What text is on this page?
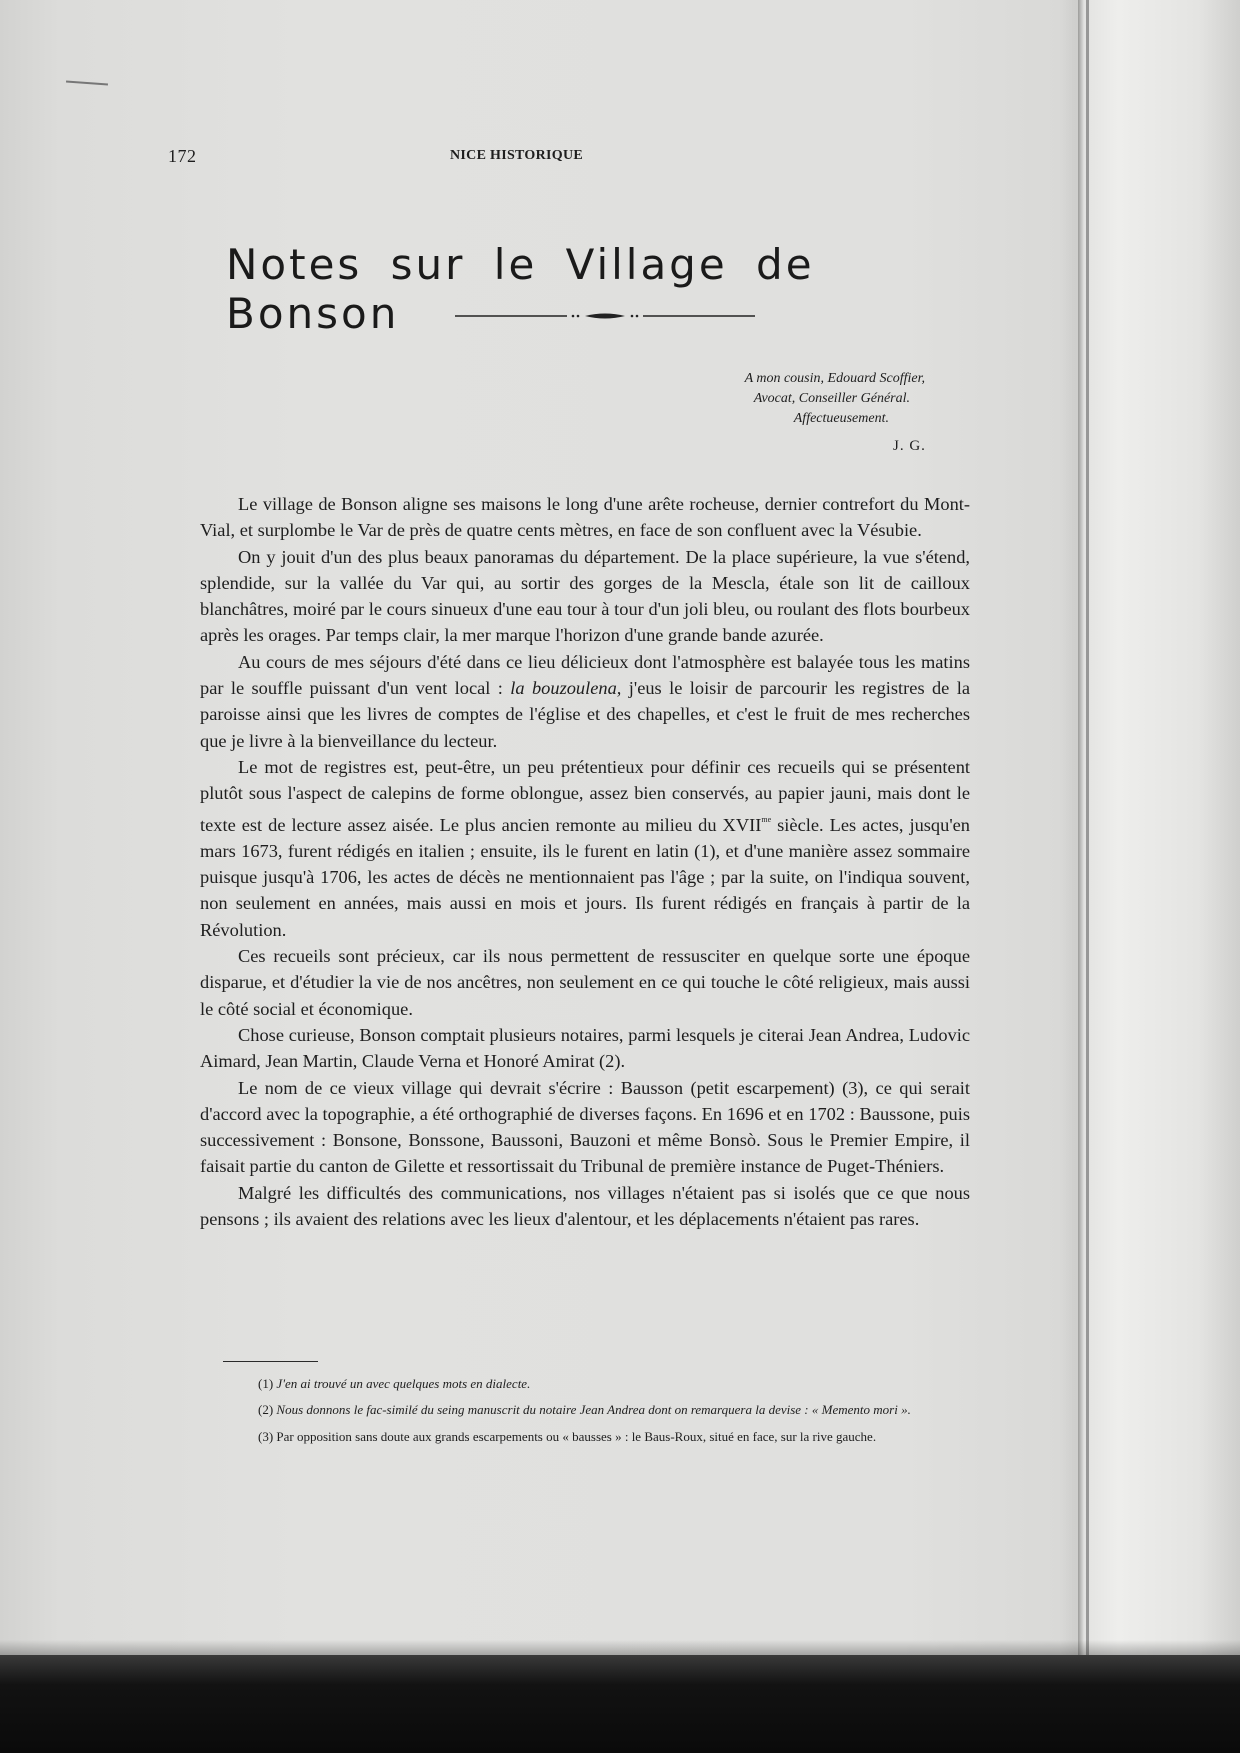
172	NICE HISTORIQUE
Notes sur le Village de Bonson
A mon cousin, Edouard Scoffier,
Avocat, Conseiller Général.
Affectueusement.
J. G.

Le village de Bonson aligne ses maisons le long d'une arête rocheuse, dernier contrefort du Mont-Vial, et surplombe le Var de près de quatre cents mètres, en face de son confluent avec la Vésubie.

On y jouit d'un des plus beaux panoramas du département. De la place supérieure, la vue s'étend, splendide, sur la vallée du Var qui, au sortir des gorges de la Mescla, étale son lit de cailloux blanchâtres, moiré par le cours sinueux d'une eau tour à tour d'un joli bleu, ou roulant des flots bourbeux après les orages. Par temps clair, la mer marque l'horizon d'une grande bande azurée.

Au cours de mes séjours d'été dans ce lieu délicieux dont l'atmosphère est balayée tous les matins par le souffle puissant d'un vent local : la bouzoulena, j'eus le loisir de parcourir les registres de la paroisse ainsi que les livres de comptes de l'église et des chapelles, et c'est le fruit de mes recherches que je livre à la bienveillance du lecteur.

Le mot de registres est, peut-être, un peu prétentieux pour définir ces recueils qui se présentent plutôt sous l'aspect de calepins de forme oblongue, assez bien conservés, au papier jauni, mais dont le texte est de lecture assez aisée. Le plus ancien remonte au milieu du $XVII^{me}$ siècle. Les actes, jusqu'en mars 1673, furent rédigés en italien ; ensuite, ils le furent en latin (1), et d'une manière assez sommaire puisque jusqu'à 1706, les actes de décès ne mentionnaient pas l'âge ; par la suite, on l'indiqua souvent, non seulement en années, mais aussi en mois et jours. Ils furent rédigés en français à partir de la Révolution.

Ces recueils sont précieux, car ils nous permettent de ressusciter en quelque sorte une époque disparue, et d'étudier la vie de nos ancêtres, non seulement en ce qui touche le côté religieux, mais aussi le côté social et économique.

Chose curieuse, Bonson comptait plusieurs notaires, parmi lesquels je citerai Jean Andrea, Ludovic Aimard, Jean Martin, Claude Verna et Honoré Amirat (2).

Le nom de ce vieux village qui devrait s'écrire : Bausson (petit escarpement) (3), ce qui serait d'accord avec la topographie, a été orthographié de diverses façons. En 1696 et en 1702 : Baussone, puis successivement : Bonsone, Bonssone, Baussoni, Bauzoni et même Bonsò. Sous le Premier Empire, il faisait partie du canton de Gilette et ressortissait du Tribunal de première instance de Puget-Théniers.

Malgré les difficultés des communications, nos villages n'étaient pas si isolés que ce que nous pensons ; ils avaient des relations avec les lieux d'alentour, et les déplacements n'étaient pas rares.

(1) J'en ai trouvé un avec quelques mots en dialecte.

(2) Nous donnons le fac-similé du seing manuscrit du notaire Jean Andrea dont on remarquera la devise : « Memento mori ».

(3) Par opposition sans doute aux grands escarpements ou « bausses » : le Baus-Roux, situé en face, sur la rive gauche.
